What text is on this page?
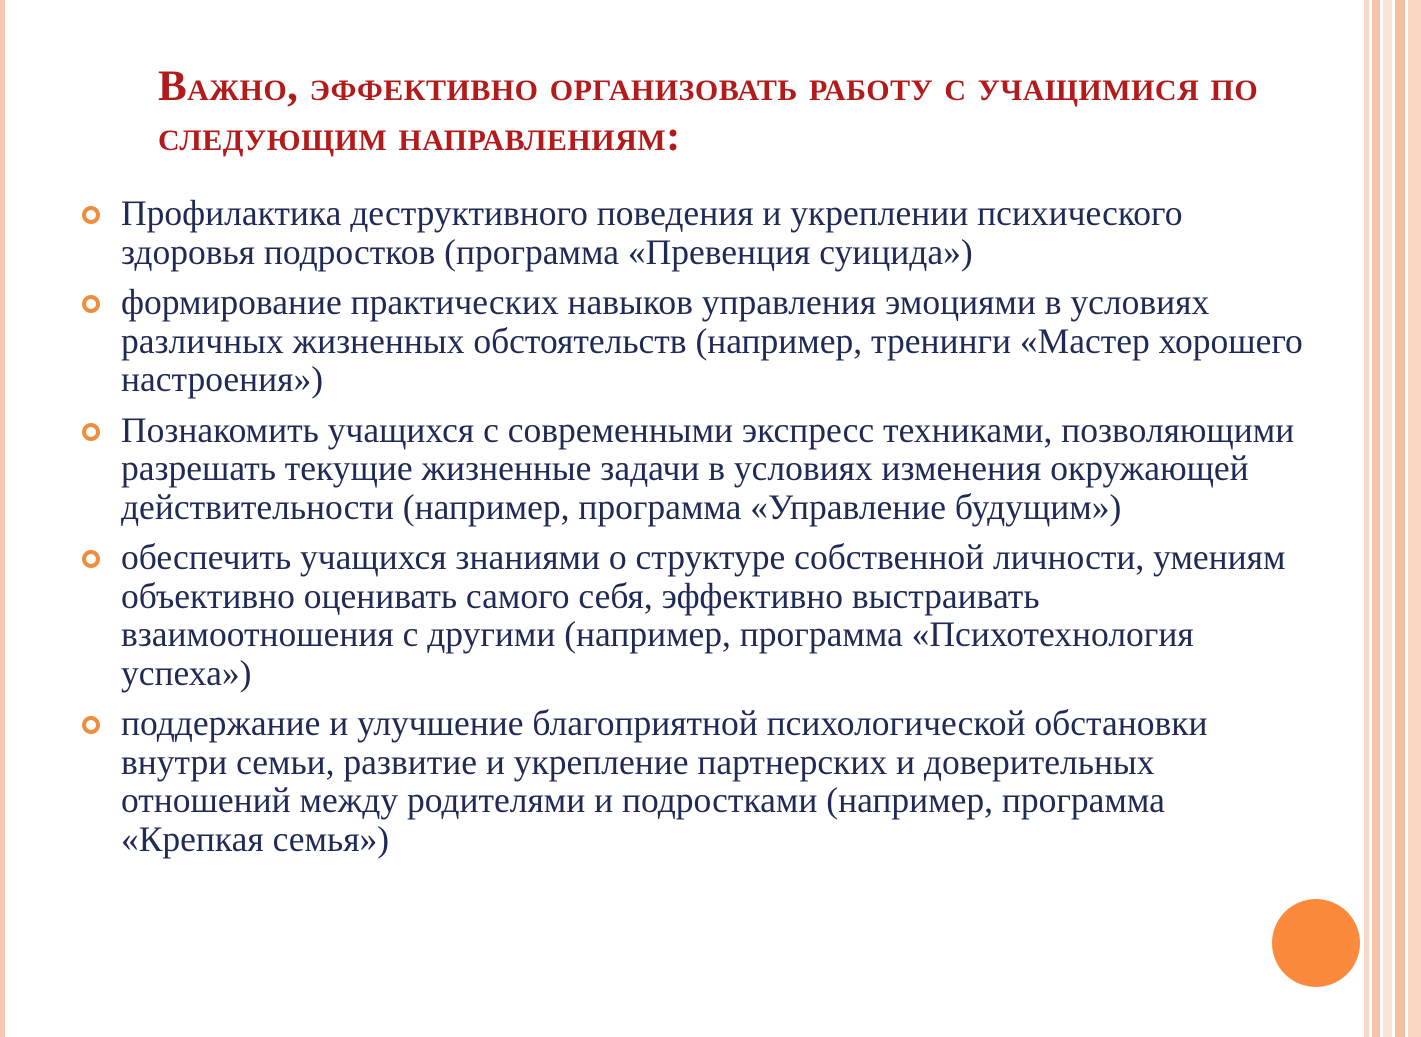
Важно, эффективно организовать работу с учащимися по следующим направлениям:
Профилактика деструктивного поведения и укреплении психического здоровья подростков (программа «Превенция суицида»)
формирование практических навыков управления эмоциями в условиях различных жизненных обстоятельств (например, тренинги «Мастер хорошего настроения»)
Познакомить учащихся с современными экспресс техниками, позволяющими разрешать текущие жизненные задачи в условиях изменения окружающей действительности (например, программа «Управление будущим»)
обеспечить учащихся знаниями о структуре собственной личности, умениям объективно оценивать самого себя, эффективно выстраивать взаимоотношения с другими (например, программа «Психотехнология успеха»)
поддержание и улучшение благоприятной психологической обстановки внутри семьи, развитие и укрепление партнерских и доверительных отношений между родителями и подростками (например, программа «Крепкая семья»)
